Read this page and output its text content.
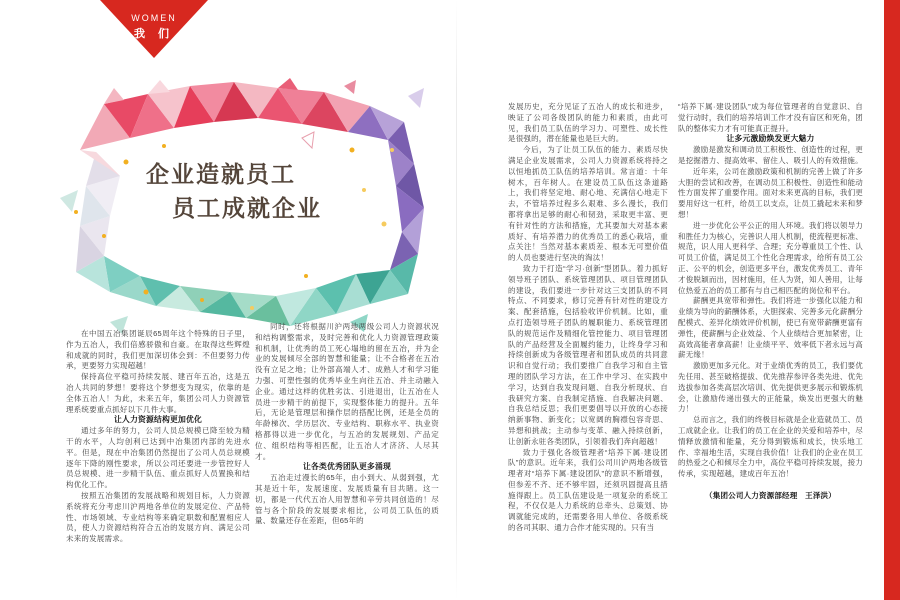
WOMEN
我 们
企业造就员工
员工成就企业
在中国五冶集团诞辰65周年这个特殊的日子里，作为五冶人，我们倍感骄傲和自豪。在取得这些辉煌和成就的同时，我们更加深切体会到：不但要努力传承，更要努力实现超越！
保持高位平稳可持续发展、建百年五冶，这是五冶人共同的梦想！要将这个梦想变为现实，依靠的是全体五冶人！为此，未来五年，集团公司人力资源管理系统要重点抓好以下几件大事。
让人力资源结构更加优化
通过多年的努力，公司人员总规模已降至较为精干的水平，人均创利已达到中冶集团内部的先进水平。但是，现在中冶集团仍然提出了公司人员总规模逐年下降的刚性要求，所以公司还要进一步管控好人员总规模、进一步精干队伍、重点抓好人员置换和结构优化工作。
按照五冶集团的发展战略和规划目标，人力资源系统将充分考虑川沪两地各单位的发展定位、产品特性、市场领域、专业结构等来确定职数和配置相应人员，使人力资源结构符合五冶的发展方向、满足公司未来的发展需求。
同时，还将根据川沪两地两级公司人力资源状况和结构调整需求，及时完善和优化人力资源管理政策和机制，让优秀的员工死心塌地的留在五冶，并为企业的发展倾尽全部的智慧和能量；让不合格者在五冶没有立足之地；让外部高端人才、成熟人才和学习能力强、可塑性强的优秀毕业生向往五冶、并主动融入企业。通过这样的优胜劣汰、引进退出，让五冶在人员进一步精干的前提下，实现整体能力的提升。五年后，无论是管理层和操作层的搭配比例，还是全员的年龄梯次、学历层次、专业结构、职称水平、执业资格都得以进一步优化，与五冶的发展规划、产品定位、组织结构等相匹配，让五冶人才济济、人尽其才。
让各类优秀团队更多涌现
五冶走过漫长的65年，由小到大、从弱到强，尤其是近十年，发展速度、发展质量有目共睹。这一切，都是一代代五冶人用智慧和辛劳共同创造的！尽管与各个阶段的发展要求相比，公司员工队伍的质量、数量还存在差距，但65年的
发展历史，充分见证了五冶人的成长和进步，映证了公司各级团队的能力和素质，由此可见，我们员工队伍的学习力、可塑性、成长性是很强的，潜在能量也是巨大的。
今后，为了让员工队伍的能力、素质尽快满足企业发展需求，公司人力资源系统将持之以恒地抓员工队伍的培养培训。常言道：十年树木，百年树人。在建设员工队伍这条道路上，我们将坚定地、耐心地、充满信心地走下去，不管培养过程多么艰难、多么漫长，我们都将拿出足够的耐心和韧劲，采取更丰富、更有针对性的方法和措施，尤其要加大对基本素质好、有培养潜力的优秀员工的悉心栽培，重点关注！当然对基本素质差、根本无可塑价值的人员也要进行坚决的淘汰！
致力于打造“学习·创新”型团队。着力抓好领导班子团队、系统管理团队、项目管理团队的建设，我们要进一步针对这三支团队的不同特点、不同要求，修订完善有针对性的建设方案、配套措施，包括验收评价机制。比如，重点打造领导班子团队的履职能力、系统管理团队的规范运作及精细化管控能力、项目管理团队的产品经营及全面履约能力，让终身学习和持续创新成为各级管理者和团队成员的共同意识和自觉行动；我们要推广自我学习和自主管理的团队学习方法，在工作中学习、在实践中学习，达到自我发现问题、自我分析现状、自我研究方案、自我制定措施、自我解决问题、自我总结反思；我们更要倡导以开放的心态接纳新事物、新变化；以宽阔的胸襟包容奇思、异想和挑战；主动参与变革、融入持续创新，让创新永驻各类团队，引领着我们奔向超越！
致力于强化各级管理者“培养下属·建设团队”的意识。近年来，我们公司川沪两地各级管理者对“培养下属·建设团队”的意识不断增强，但参差不齐、还不够牢固，还须巩固提高且措施得跟上。员工队伍建设是一项复杂的系统工程，不仅仅是人力系统的总牵头、总策划、协调就能完成的，还需要各用人单位、各级系统的各司其职、通力合作才能实现的。只有当
“培养下属·建设团队”成为每位管理者的自觉意识、自觉行动时，我们的培养培训工作才没有盲区和死角，团队的整体实力才有可能真正提升。
让多元激励焕发更大魅力
激励是激发和调动员工积极性、创造性的过程，更是挖掘潜力、提高效率、留住人、吸引人的有效措施。
近年来，公司在激励政策和机制的完善上做了许多大胆的尝试和改善，在调动员工积极性、创造性和能动性方面发挥了重要作用。面对未来更高的目标，我们更要用好这一杠杆，给员工以支点，让员工撬起未来和梦想！
进一步优化公平公正的用人环境。我们将以领导力和胜任力为核心，完善识人用人机制，使流程更标准、规范，识人用人更科学、合理；充分尊重员工个性、认可员工价值，满足员工个性化合理需求，给所有员工公正、公平的机会，创造更多平台，激发优秀员工、青年才俊脱颖而出，因材施用，任人为贤，知人善用，让每位热爱五冶的员工都有与自己相匹配的岗位和平台。
薪酬更具宽带和弹性。我们将进一步强化以能力和业绩为导向的薪酬体系，大胆探索、完善多元化薪酬分配模式、差异化绩效评价机制，使已有宽带薪酬更富有弹性，使薪酬与企业效益、个人业绩结合更加紧密，让高效高能者拿高薪！让业绩平平、效率低下者永远与高薪无缘！
激励更加多元化。对于业绩优秀的员工，我们要优先任用、甚至破格提拔、优先推荐参评各类先进、优先选拔参加各类高层次培训、优先提供更多展示和锻炼机会，让激励传递出强大的正能量，焕发出更强大的魅力！
总而言之，我们的终极目标就是企业造就员工、员工成就企业。让我们的员工在企业的关爱和培养中，尽情释放激情和能量，充分得到锻炼和成长，快乐地工作、幸福地生活，实现自我价值！让我们的企业在员工的热爱之心和倾尽全力中，高位平稳可持续发展，接力传承，实现超越，建成百年五冶！
（集团公司人力资源部经理　王泽洪）
